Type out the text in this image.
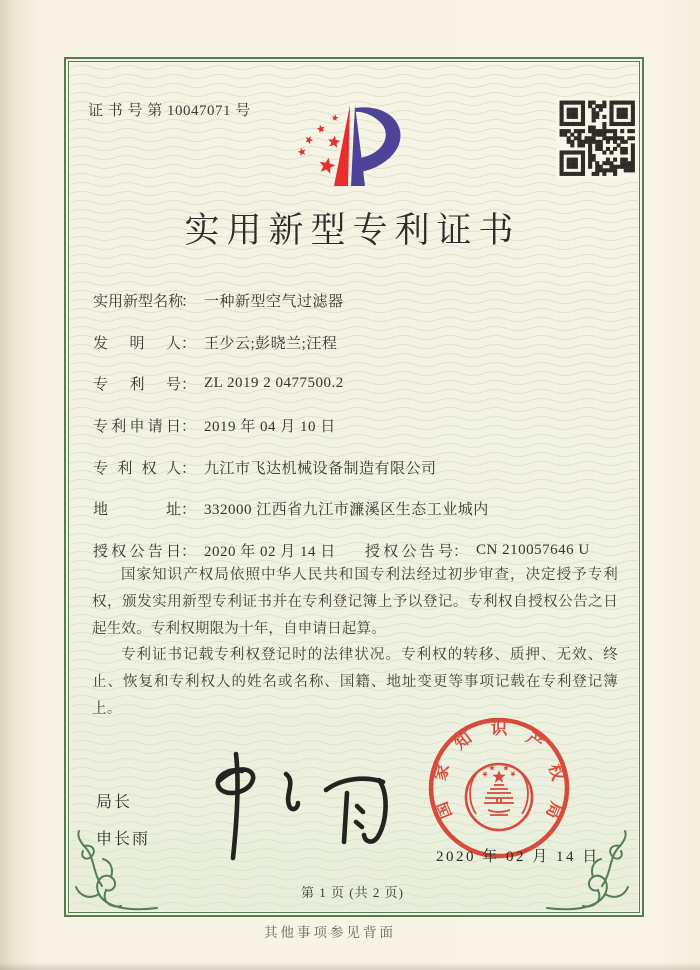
证 书 号 第 10047071 号
实用新型专利证书
实 用 新 型 名 称
： 一种新型空气过滤器
发 明 人 ： 王少云;彭晓兰;汪程
专 利 号 ： ZL 2019 2 0477500.2
专 利 申 请 日 ： 2019 年 04 月 10 日
专 利 权 人 ： 九江市飞达机械设备制造有限公司
地	址 ： 332000 江西省九江市濂溪区生态工业城内
授 权 公 告 日 ： 2020 年 02 月 14 日 授 权 公 告 号 ： CN 210057646 U

国家知识产权局依照中华人民共和国专利法经过初步审查，决定授予专利权，颁发实用新型专利证书并在专利登记簿上予以登记。专利权自授权公告之日起生效。专利权期限为十年，自申请日起算。

专利证书记载专利权登记时的法律状况。专利权的转移、质押、无效、终止、恢复和专利权人的姓名或名称、国籍、地址变更等事项记载在专利登记簿上。

局长
申长雨
国
家
知 识 产
权
局
2020 年 02 月 14 日
第 1 页 (共 2 页)
其他事项参见背面
